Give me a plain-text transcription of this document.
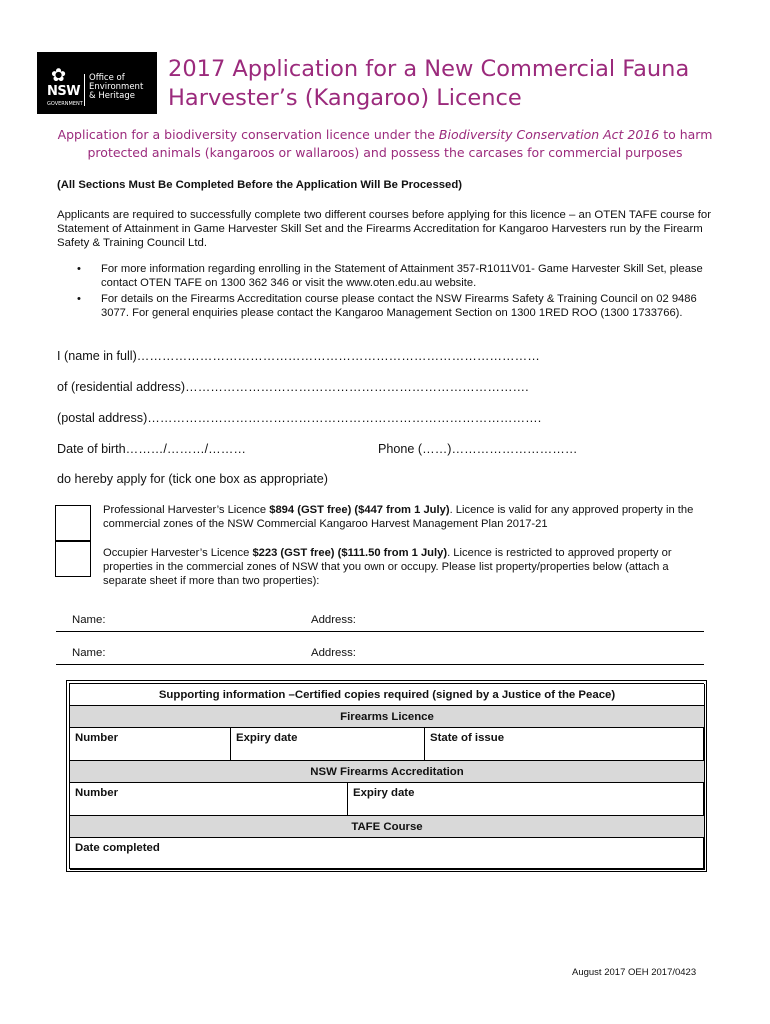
✿
NSW
GOVERNMENT
Office of
Environment
& Heritage
2017 Application for a New Commercial Fauna Harvester’s (Kangaroo) Licence
Application for a biodiversity conservation licence under the Biodiversity Conservation Act 2016 to harm protected animals (kangaroos or wallaroos) and possess the carcases for commercial purposes
(All Sections Must Be Completed Before the Application Will Be Processed)
Applicants are required to successfully complete two different courses before applying for this licence – an OTEN TAFE course for Statement of Attainment in Game Harvester Skill Set and the Firearms Accreditation for Kangaroo Harvesters run by the Firearm Safety & Training Council Ltd.
• For more information regarding enrolling in the Statement of Attainment 357-R1011V01- Game Harvester Skill Set, please contact OTEN TAFE on 1300 362 346 or visit the www.oten.edu.au website.
• For details on the Firearms Accreditation course please contact the NSW Firearms Safety & Training Council on 02 9486 3077. For general enquiries please contact the Kangaroo Management Section on 1300 1RED ROO (1300 1733766).
I (name in full)……………………………………………………………………………………
of (residential address)……………………………………………………………………….
(postal address)………………………………………………………………………………….
Date of birth………/………/………	Phone (……)…………………………
do hereby apply for (tick one box as appropriate)
Professional Harvester’s Licence $894 (GST free) ($447 from 1 July). Licence is valid for any approved property in the commercial zones of the NSW Commercial Kangaroo Harvest Management Plan 2017-21
Occupier Harvester’s Licence $223 (GST free) ($111.50 from 1 July). Licence is restricted to approved property or properties in the commercial zones of NSW that you own or occupy. Please list property/properties below (attach a separate sheet if more than two properties):
Name:	Address:
Name:	Address:
Supporting information –Certified copies required (signed by a Justice of the Peace)
Firearms Licence
Number	Expiry date	State of issue
NSW Firearms Accreditation
Number	Expiry date
TAFE Course
Date completed
August 2017 OEH 2017/0423
